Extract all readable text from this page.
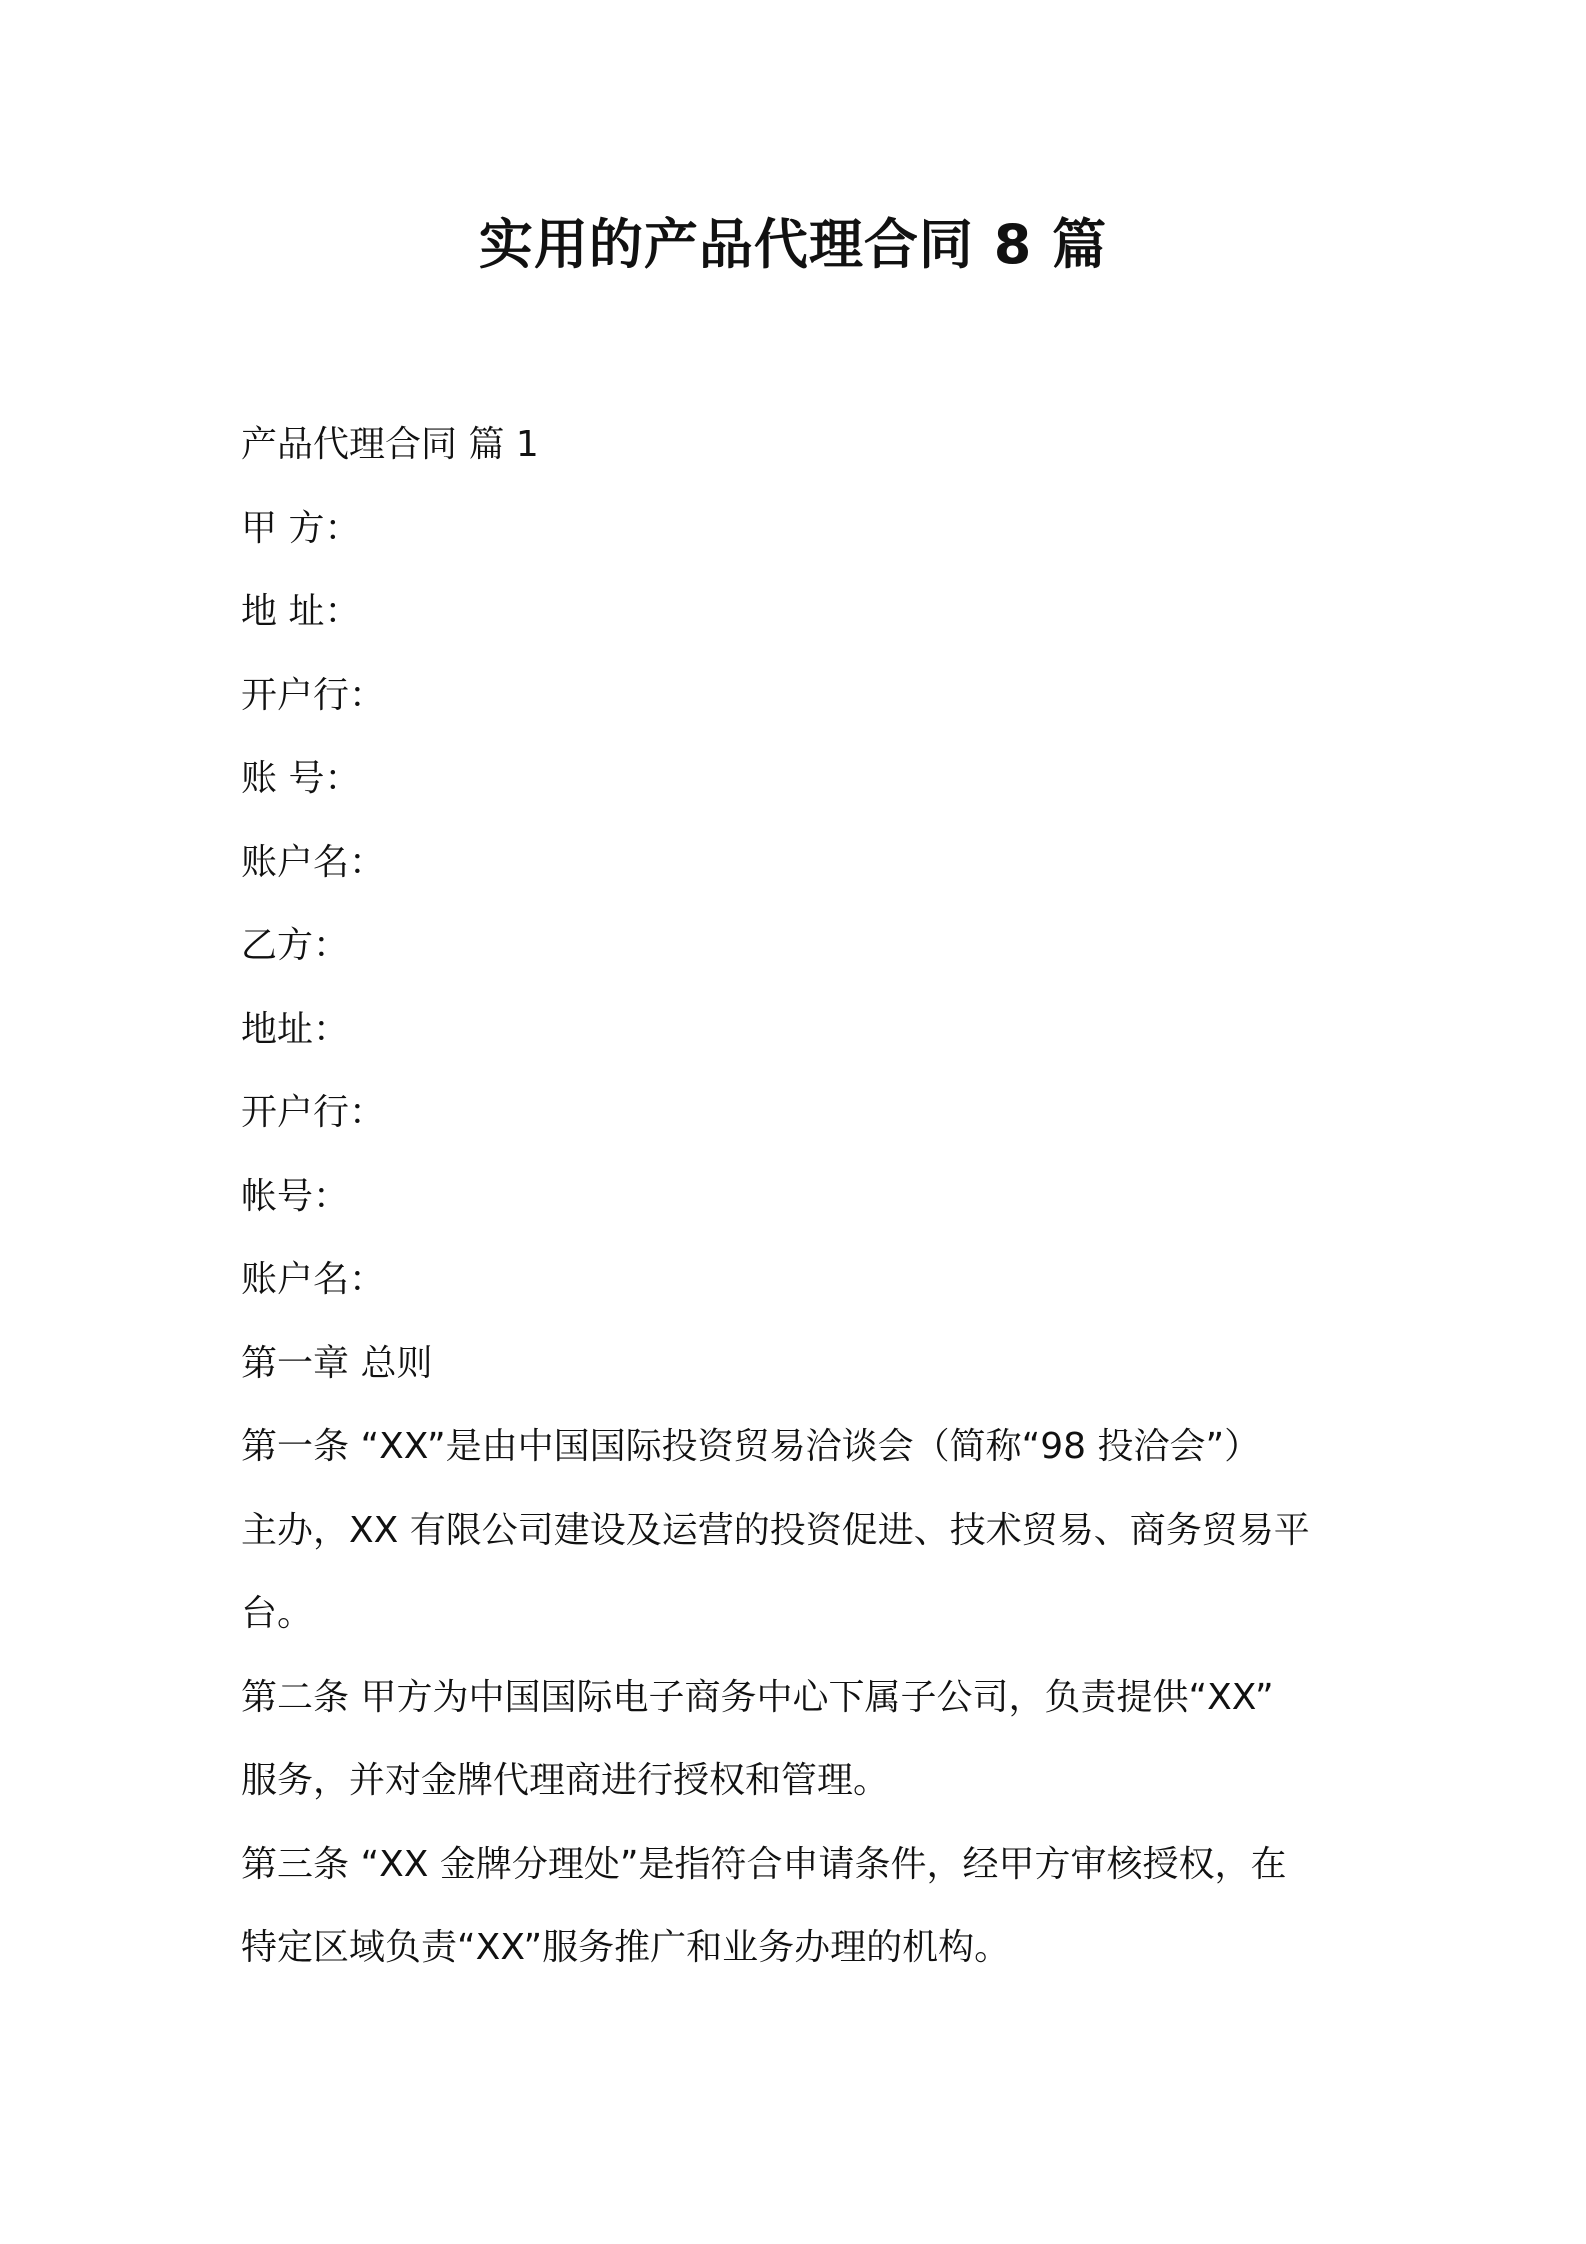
实用的产品代理合同 8 篇
产品代理合同 篇 1
甲 方：
地 址：
开户行：
账 号：
账户名：
乙方：
地址：
开户行：
帐号：
账户名：
第一章 总则
第一条 “XX”是由中国国际投资贸易洽谈会（简称“98 投洽会”）
主办，XX 有限公司建设及运营的投资促进、技术贸易、商务贸易平
台。
第二条 甲方为中国国际电子商务中心下属子公司，负责提供“XX”
服务，并对金牌代理商进行授权和管理。
第三条 “XX 金牌分理处”是指符合申请条件，经甲方审核授权，在
特定区域负责“XX”服务推广和业务办理的机构。
